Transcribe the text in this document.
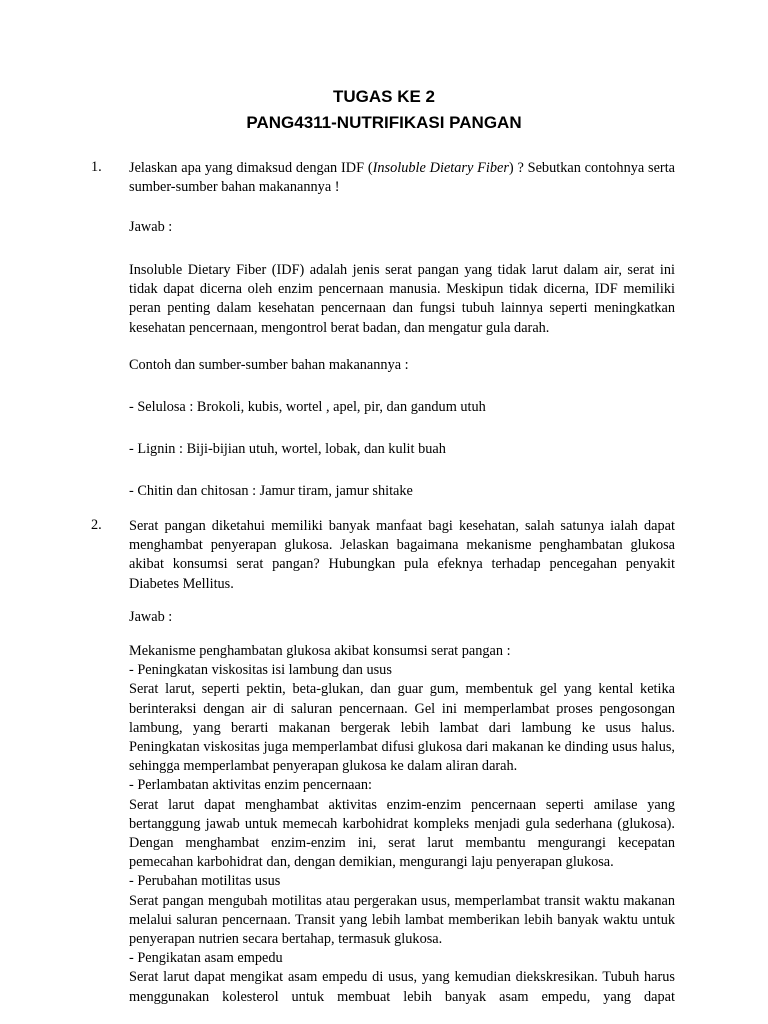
TUGAS KE 2
PANG4311-NUTRIFIKASI PANGAN
1.	Jelaskan apa yang dimaksud dengan IDF (Insoluble Dietary Fiber) ? Sebutkan contohnya serta sumber-sumber bahan makanannya !

Jawab :

Insoluble Dietary Fiber (IDF) adalah jenis serat pangan yang tidak larut dalam air, serat ini tidak dapat dicerna oleh enzim pencernaan manusia. Meskipun tidak dicerna, IDF memiliki peran penting dalam kesehatan pencernaan dan fungsi tubuh lainnya seperti meningkatkan kesehatan pencernaan, mengontrol berat badan, dan mengatur gula darah.

Contoh dan sumber-sumber bahan makanannya :

- Selulosa : Brokoli, kubis, wortel , apel, pir, dan gandum utuh

- Lignin : Biji-bijian utuh, wortel, lobak, dan kulit buah

- Chitin dan chitosan : Jamur tiram, jamur shitake

2.	Serat pangan diketahui memiliki banyak manfaat bagi kesehatan, salah satunya ialah dapat menghambat penyerapan glukosa. Jelaskan bagaimana mekanisme penghambatan glukosa akibat konsumsi serat pangan? Hubungkan pula efeknya terhadap pencegahan penyakit Diabetes Mellitus.

Jawab :

Mekanisme penghambatan glukosa akibat konsumsi serat pangan :

- Peningkatan viskositas isi lambung dan usus

Serat larut, seperti pektin, beta-glukan, dan guar gum, membentuk gel yang kental ketika berinteraksi dengan air di saluran pencernaan. Gel ini memperlambat proses pengosongan lambung, yang berarti makanan bergerak lebih lambat dari lambung ke usus halus. Peningkatan viskositas juga memperlambat difusi glukosa dari makanan ke dinding usus halus, sehingga memperlambat penyerapan glukosa ke dalam aliran darah.

- Perlambatan aktivitas enzim pencernaan:

Serat larut dapat menghambat aktivitas enzim-enzim pencernaan seperti amilase yang bertanggung jawab untuk memecah karbohidrat kompleks menjadi gula sederhana (glukosa). Dengan menghambat enzim-enzim ini, serat larut membantu mengurangi kecepatan pemecahan karbohidrat dan, dengan demikian, mengurangi laju penyerapan glukosa.

- Perubahan motilitas usus

Serat pangan mengubah motilitas atau pergerakan usus, memperlambat transit waktu makanan melalui saluran pencernaan. Transit yang lebih lambat memberikan lebih banyak waktu untuk penyerapan nutrien secara bertahap, termasuk glukosa.

- Pengikatan asam empedu

Serat larut dapat mengikat asam empedu di usus, yang kemudian diekskresikan. Tubuh harus menggunakan kolesterol untuk membuat lebih banyak asam empedu, yang dapat
